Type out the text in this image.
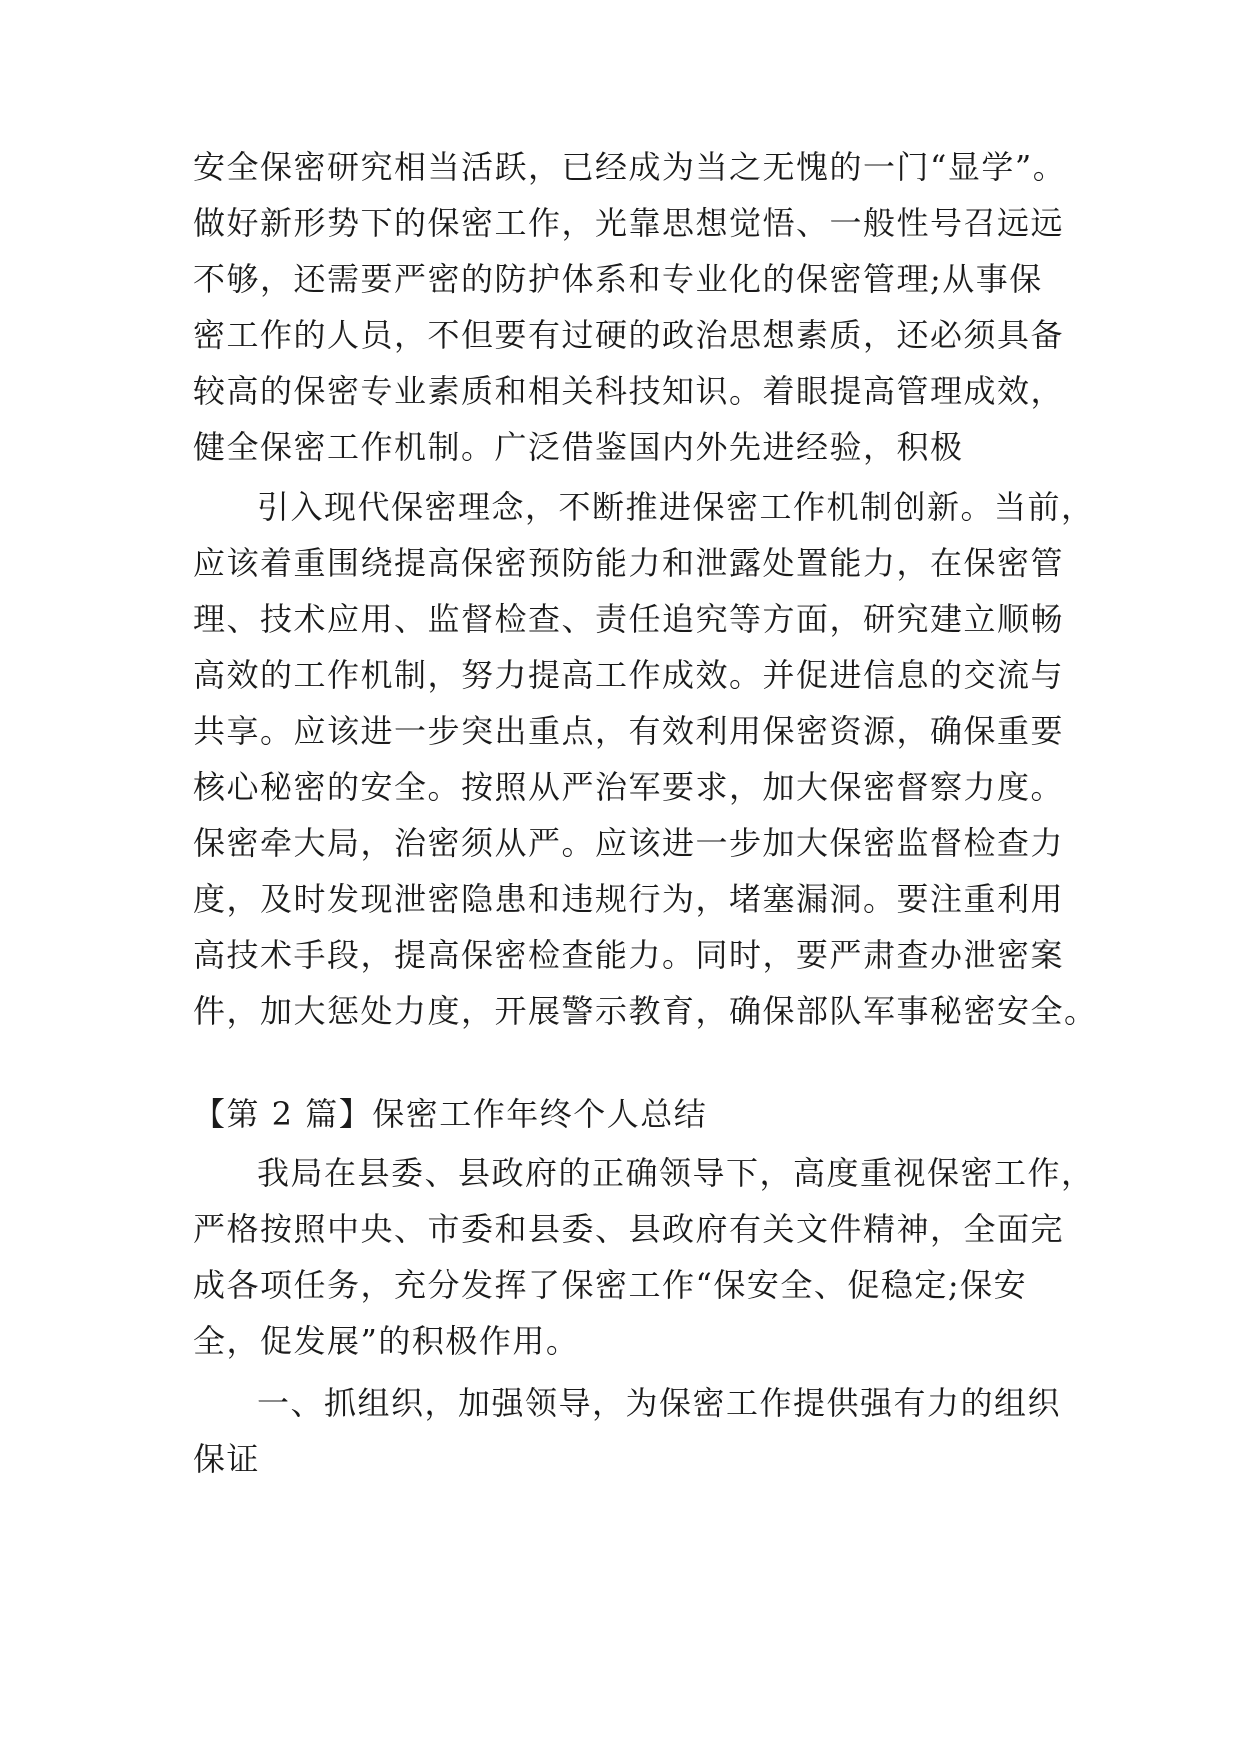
安全保密研究相当活跃，已经成为当之无愧的一门“显学”。
做好新形势下的保密工作，光靠思想觉悟、一般性号召远远
不够，还需要严密的防护体系和专业化的保密管理;从事保
密工作的人员，不但要有过硬的政治思想素质，还必须具备
较高的保密专业素质和相关科技知识。着眼提高管理成效，
健全保密工作机制。广泛借鉴国内外先进经验，积极
引入现代保密理念，不断推进保密工作机制创新。当前，
应该着重围绕提高保密预防能力和泄露处置能力，在保密管
理、技术应用、监督检查、责任追究等方面，研究建立顺畅
高效的工作机制，努力提高工作成效。并促进信息的交流与
共享。应该进一步突出重点，有效利用保密资源，确保重要
核心秘密的安全。按照从严治军要求，加大保密督察力度。
保密牵大局，治密须从严。应该进一步加大保密监督检查力
度，及时发现泄密隐患和违规行为，堵塞漏洞。要注重利用
高技术手段，提高保密检查能力。同时，要严肃查办泄密案
件，加大惩处力度，开展警示教育，确保部队军事秘密安全。
【第 2 篇】保密工作年终个人总结
我局在县委、县政府的正确领导下，高度重视保密工作，
严格按照中央、市委和县委、县政府有关文件精神，全面完
成各项任务，充分发挥了保密工作“保安全、促稳定;保安
全，促发展”的积极作用。
一、抓组织，加强领导，为保密工作提供强有力的组织
保证
